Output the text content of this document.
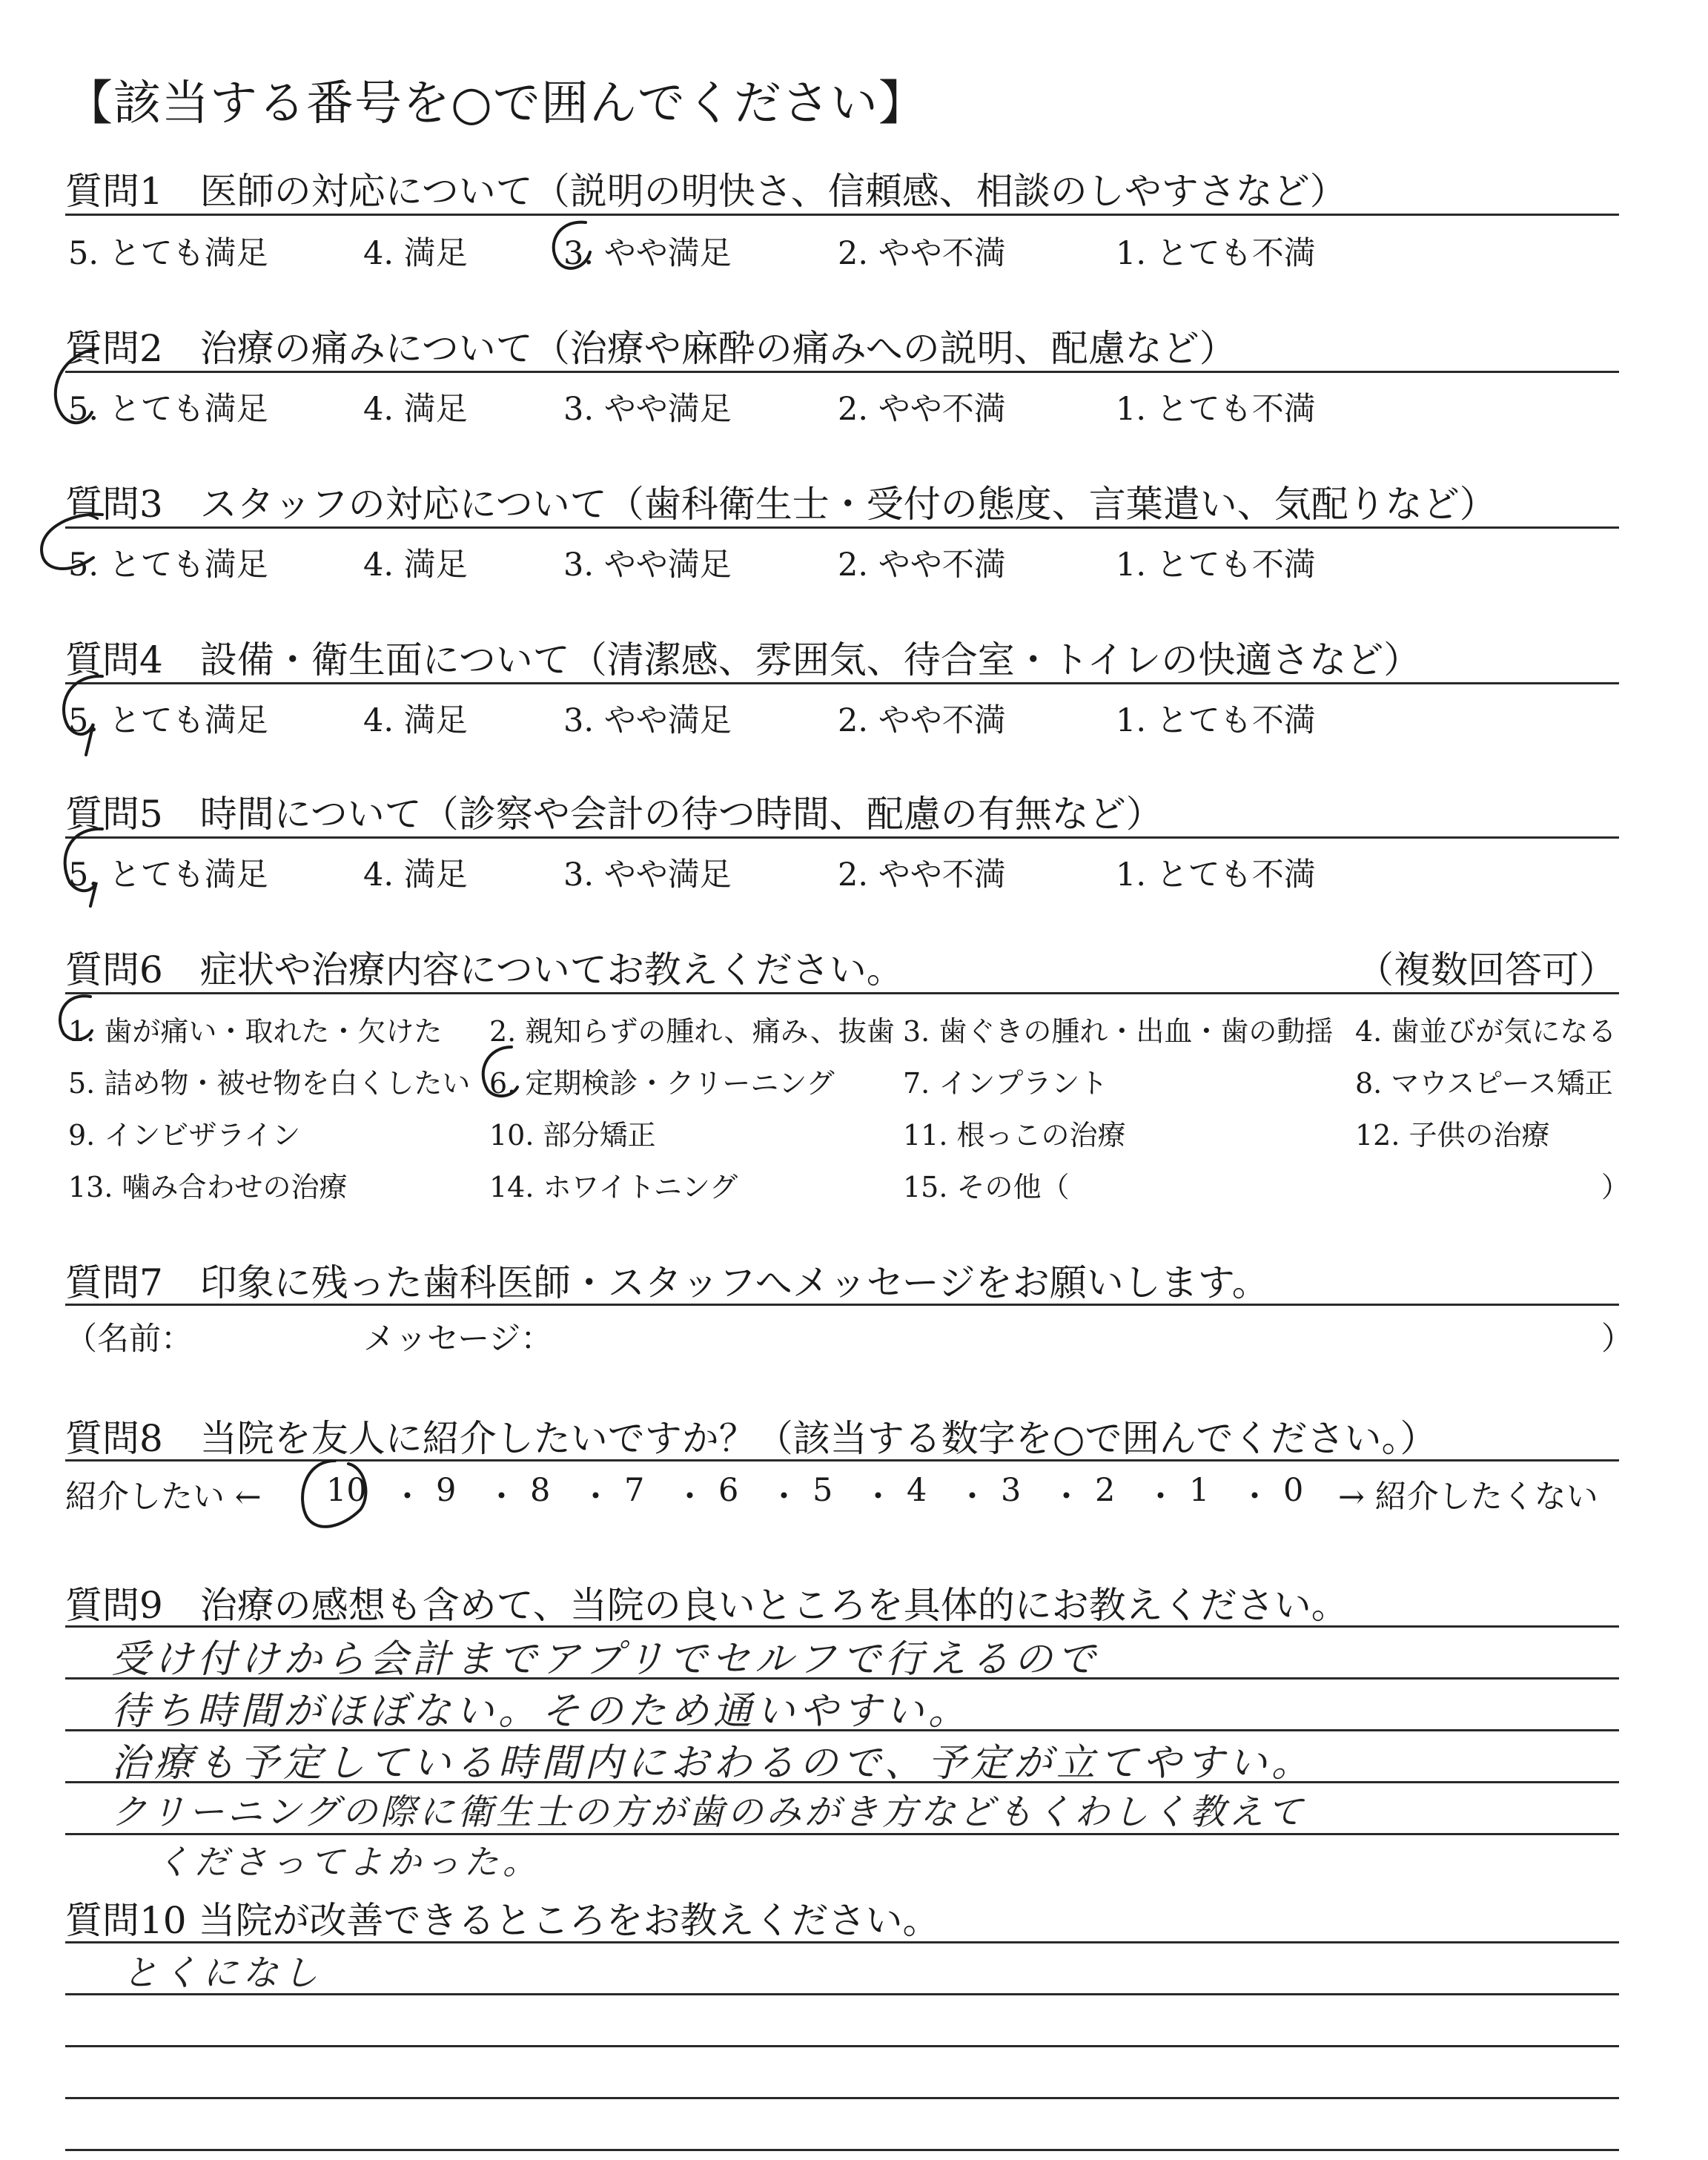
【該当する番号を○で囲んでください】
質問1　医師の対応について（説明の明快さ、信頼感、相談のしやすさなど）
5. とても満足	4. 満足	3. やや満足	2. やや不満	1. とても不満
質問2　治療の痛みについて（治療や麻酔の痛みへの説明、配慮など）
5. とても満足	4. 満足	3. やや満足	2. やや不満	1. とても不満
質問3　スタッフの対応について（歯科衛生士・受付の態度、言葉遣い、気配りなど）
5. とても満足	4. 満足	3. やや満足	2. やや不満	1. とても不満
質問4　設備・衛生面について（清潔感、雰囲気、待合室・トイレの快適さなど）
5. とても満足	4. 満足	3. やや満足	2. やや不満	1. とても不満
質問5　時間について（診察や会計の待つ時間、配慮の有無など）
5. とても満足	4. 満足	3. やや満足	2. やや不満	1. とても不満
質問6　症状や治療内容についてお教えください。	（複数回答可）
1. 歯が痛い・取れた・欠けた 2. 親知らずの腫れ、痛み、抜歯 3. 歯ぐきの腫れ・出血・歯の動揺 4. 歯並びが気になる
5. 詰め物・被せ物を白くしたい 6. 定期検診・クリーニング 7. インプラント	8. マウスピース矯正
9. インビザライン	10. 部分矯正	11. 根っこの治療	12. 子供の治療
13. 噛み合わせの治療	14. ホワイトニング	15. その他（	）
質問7　印象に残った歯科医師・スタッフへメッセージをお願いします。
（名前：	メッセージ：	）
質問8　当院を友人に紹介したいですか？（該当する数字を○で囲んでください。）
紹介したい ←	→ 紹介したくない
10 ・ 9 ・ 8 ・ 7 ・ 6 ・ 5 ・ 4 ・ 3 ・ 2 ・ 1 ・ 0
質問9　治療の感想も含めて、当院の良いところを具体的にお教えください。
受け付けから会計までアプリでセルフで行えるので
待ち時間がほぼない。そのため通いやすい。
治療も予定している時間内におわるので、予定が立てやすい。
クリーニングの際に衛生士の方が歯のみがき方などもくわしく教えて
くださってよかった。
質問10 当院が改善できるところをお教えください。
とくになし
